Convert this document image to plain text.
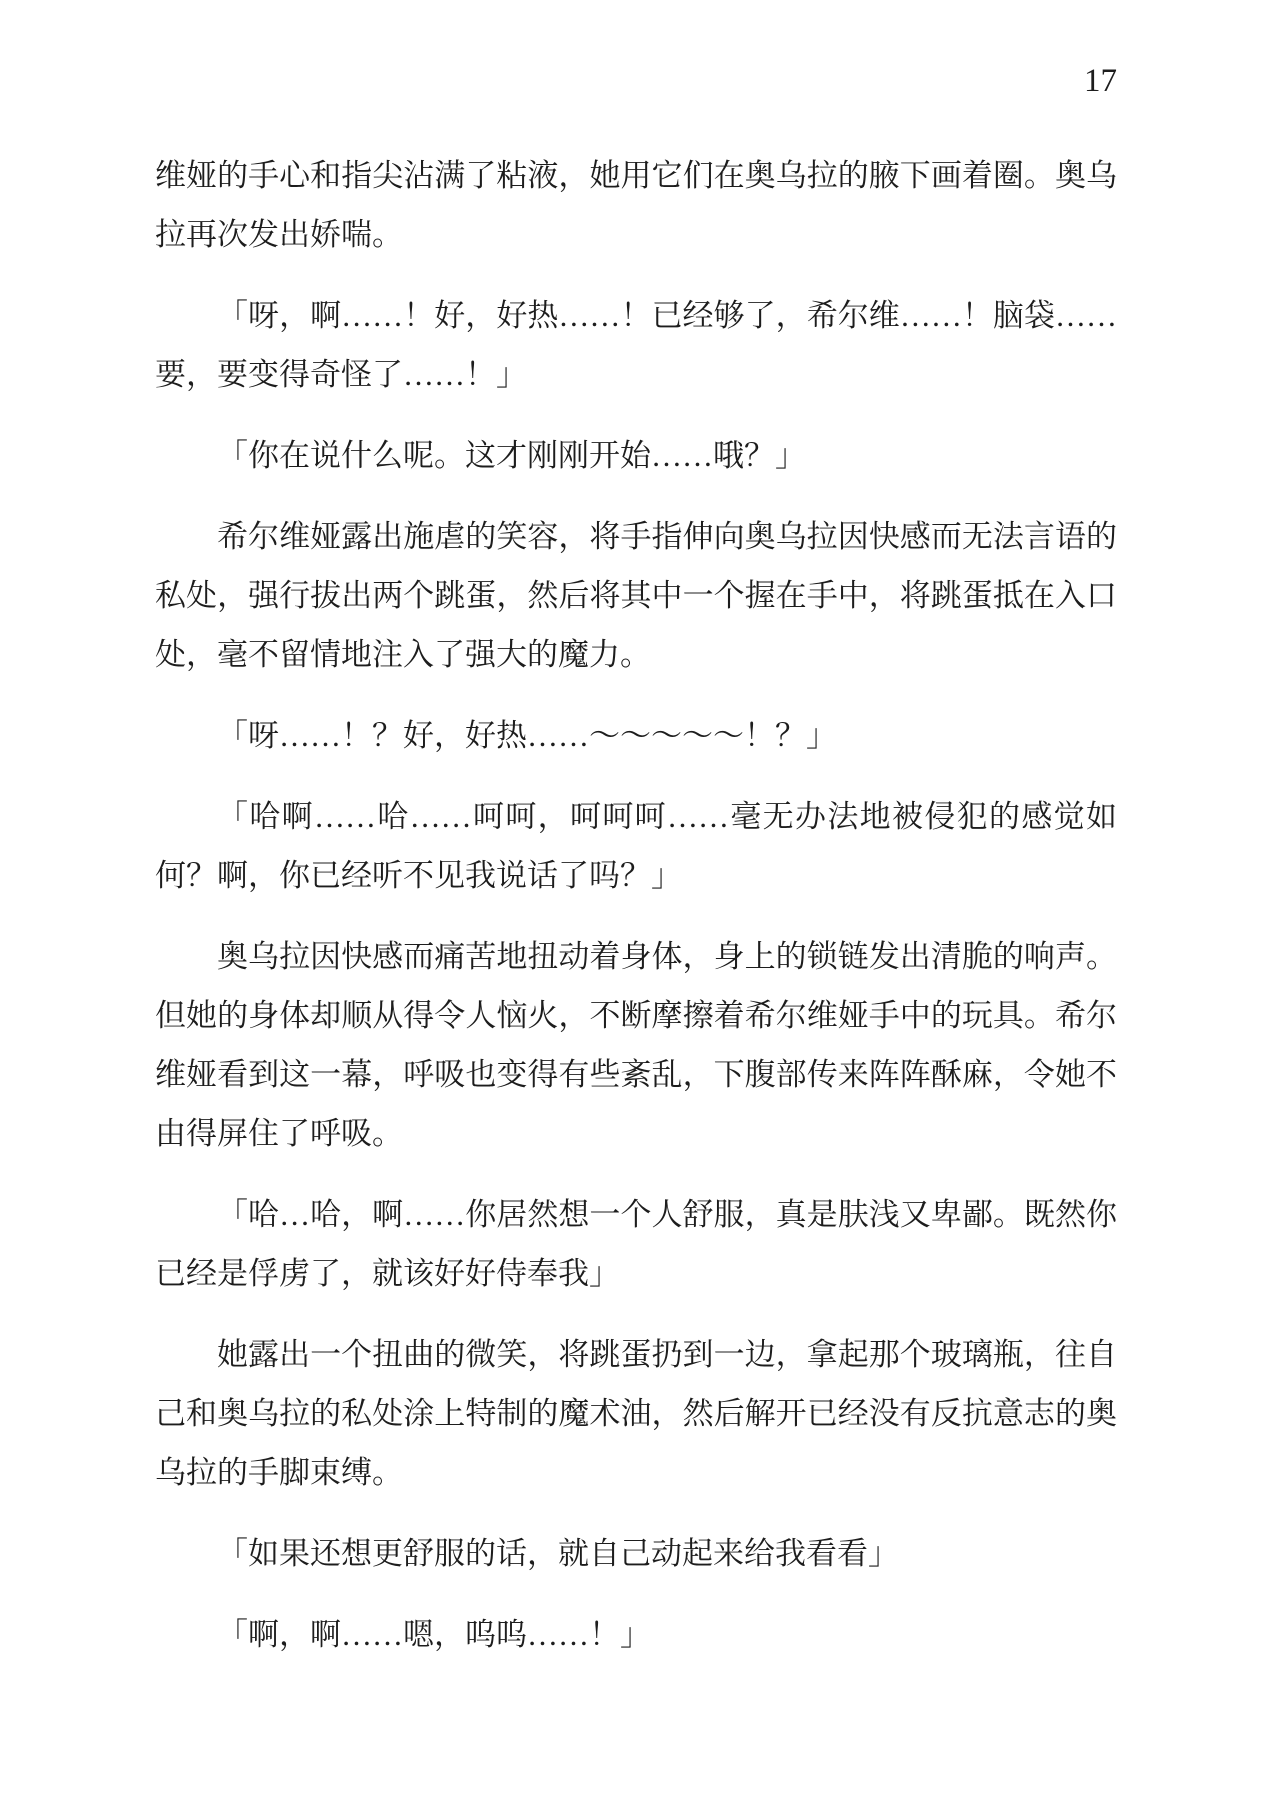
17

维娅的手心和指尖沾满了粘液，她用它们在奥乌拉的腋下画着圈。奥乌拉再次发出娇喘。

「呀，啊……！好，好热……！已经够了，希尔维……！脑袋……要，要变得奇怪了……！」

「你在说什么呢。这才刚刚开始……哦？」

希尔维娅露出施虐的笑容，将手指伸向奥乌拉因快感而无法言语的私处，强行拔出两个跳蛋，然后将其中一个握在手中，将跳蛋抵在入口处，毫不留情地注入了强大的魔力。

「呀……！？好，好热……～～～～～！？」

「哈啊……哈……呵呵，呵呵呵……毫无办法地被侵犯的感觉如何？啊，你已经听不见我说话了吗？」

奥乌拉因快感而痛苦地扭动着身体，身上的锁链发出清脆的响声。但她的身体却顺从得令人恼火，不断摩擦着希尔维娅手中的玩具。希尔维娅看到这一幕，呼吸也变得有些紊乱，下腹部传来阵阵酥麻，令她不由得屏住了呼吸。

「哈…哈，啊……你居然想一个人舒服，真是肤浅又卑鄙。既然你已经是俘虏了，就该好好侍奉我」

她露出一个扭曲的微笑，将跳蛋扔到一边，拿起那个玻璃瓶，往自己和奥乌拉的私处涂上特制的魔术油，然后解开已经没有反抗意志的奥乌拉的手脚束缚。

「如果还想更舒服的话，就自己动起来给我看看」

「啊，啊……嗯，呜呜……！」
